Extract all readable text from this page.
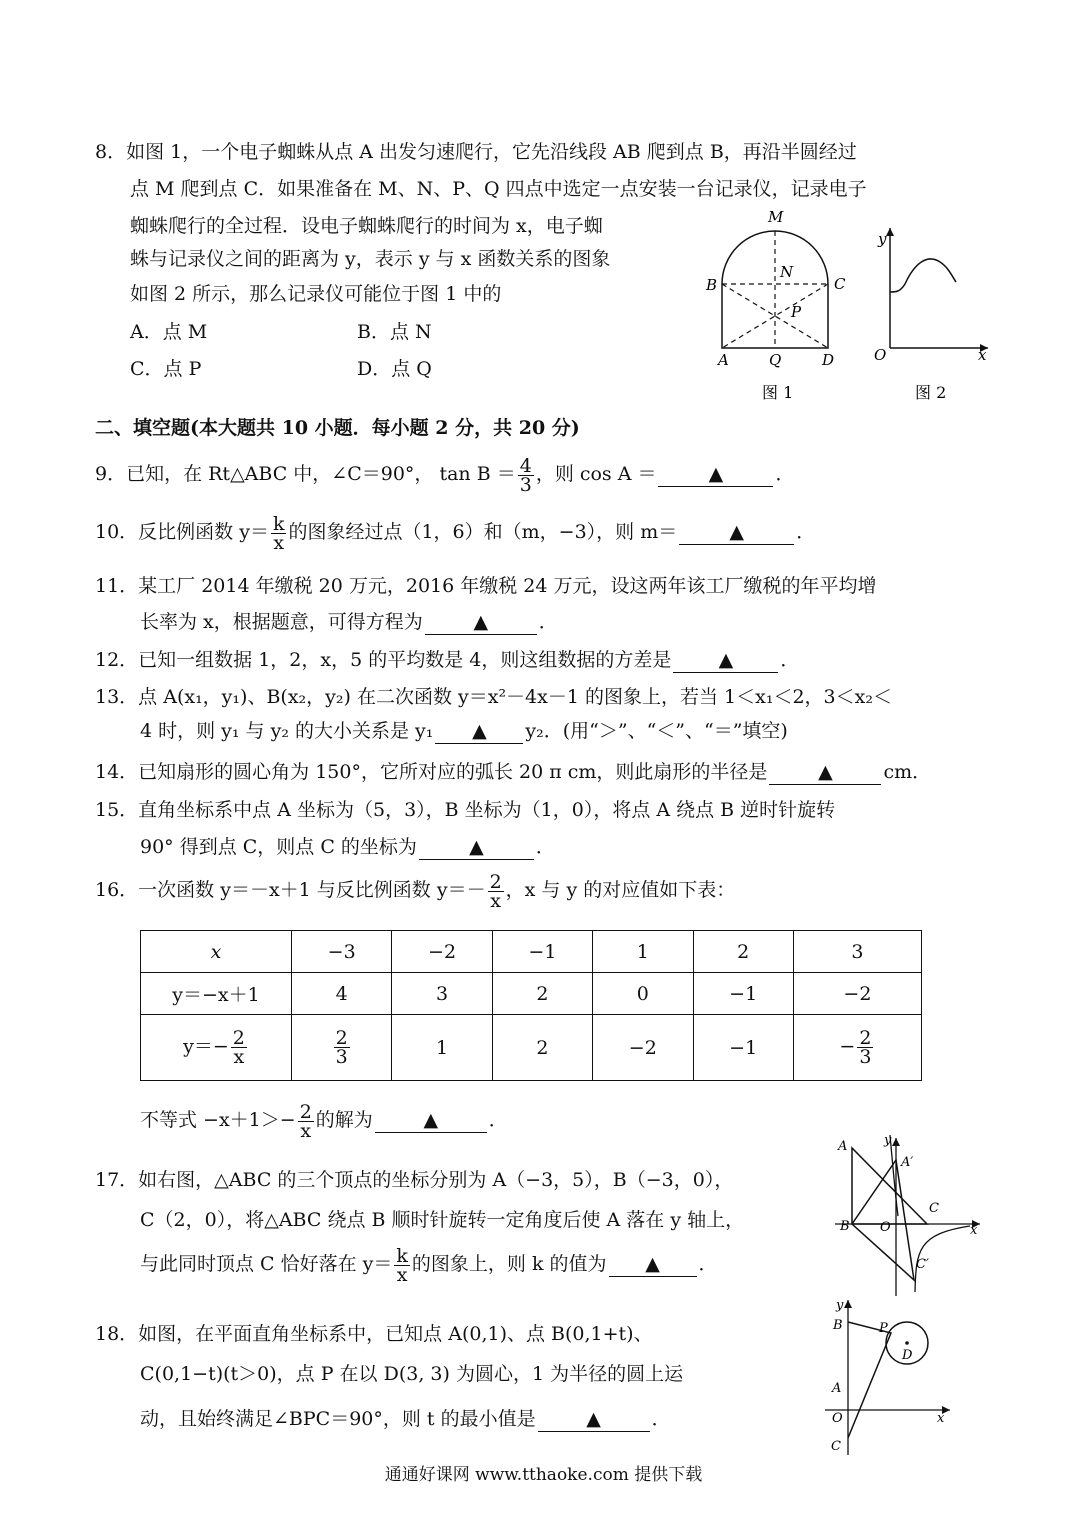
8．如图 1，一个电子蜘蛛从点 A 出发匀速爬行，它先沿线段 AB 爬到点 B，再沿半圆经过
点 M 爬到点 C．如果准备在 M、N、P、Q 四点中选定一点安装一台记录仪，记录电子
蜘蛛爬行的全过程．设电子蜘蛛爬行的时间为 x，电子蜘
蛛与记录仪之间的距离为 y，表示 y 与 x 函数关系的图象
如图 2 所示，那么记录仪可能位于图 1 中的
A．点 M	B．点 N
C．点 P	D．点 Q
M
N
B	C
P
A	Q	D
图 1
y
O	x
图 2
二、填空题(本大题共 10 小题．每小题 2 分，共 20 分)
9．已知，在 Rt△ABC 中，∠C＝90°， $\tan B = \frac{4}{3}$ ，则 cos A ＝	▲	．
10．反比例函数 $y= \frac{k}{x}$ 的图象经过点（1，6）和（m，−3），则 m＝	▲	．
11．某工厂 2014 年缴税 20 万元，2016 年缴税 24 万元，设这两年该工厂缴税的年平均增
长率为 x，根据题意，可得方程为	▲	．
12．已知一组数据 1，2，x，5 的平均数是 4，则这组数据的方差是 ▲ ．
13．点 A(x₁，y₁)、B(x₂，y₂) 在二次函数 y＝x²－4x－1 的图象上，若当 1＜x₁＜2，3＜x₂＜
4 时，则 y₁ 与 y₂ 的大小关系是 y₁ ▲ y₂．(用“＞”、“＜”、“＝”填空)
14．已知扇形的圆心角为 150°，它所对应的弧长 20 π cm，则此扇形的半径是	▲	cm．
15．直角坐标系中点 A 坐标为（5，3），B 坐标为（1，0），将点 A 绕点 B 逆时针旋转
90° 得到点 C，则点 C 的坐标为	▲	．
16．一次函数 y＝－x＋1 与反比例函数 $y=- \frac{2}{x}$ ，x 与 y 的对应值如下表：
x	−3	−2	−1	1	2	3
y＝−x＋1	4	3	2	0	−1	−2
$y=- \frac{2}{x}$	$\frac{2}{3}$	1	2	−2	−1	− $\frac{2}{3}$
不等式 $-x+1>- \frac{2}{x}$ 的解为	▲	．
17．如右图，△ABC 的三个顶点的坐标分别为 A（−3，5），B（−3，0），
C（2，0），将△ABC 绕点 B 顺时针旋转一定角度后使 A 落在 y 轴上，
与此同时顶点 C 恰好落在 $y= \frac{k}{x}$ 的图象上，则 k 的值为 ▲ ．
A	y
A′
C
B O	x
C′
18．如图，在平面直角坐标系中，已知点 A(0,1)、点 B(0,1+t)、
C(0,1−t)(t＞0)，点 P 在以 D(3, 3) 为圆心，1 为半径的圆上运
动，且始终满足∠BPC＝90°，则 t 的最小值是	▲	．
y
B	P
D
A
O	x
C
通通好课网 www.tthaoke.com 提供下载
